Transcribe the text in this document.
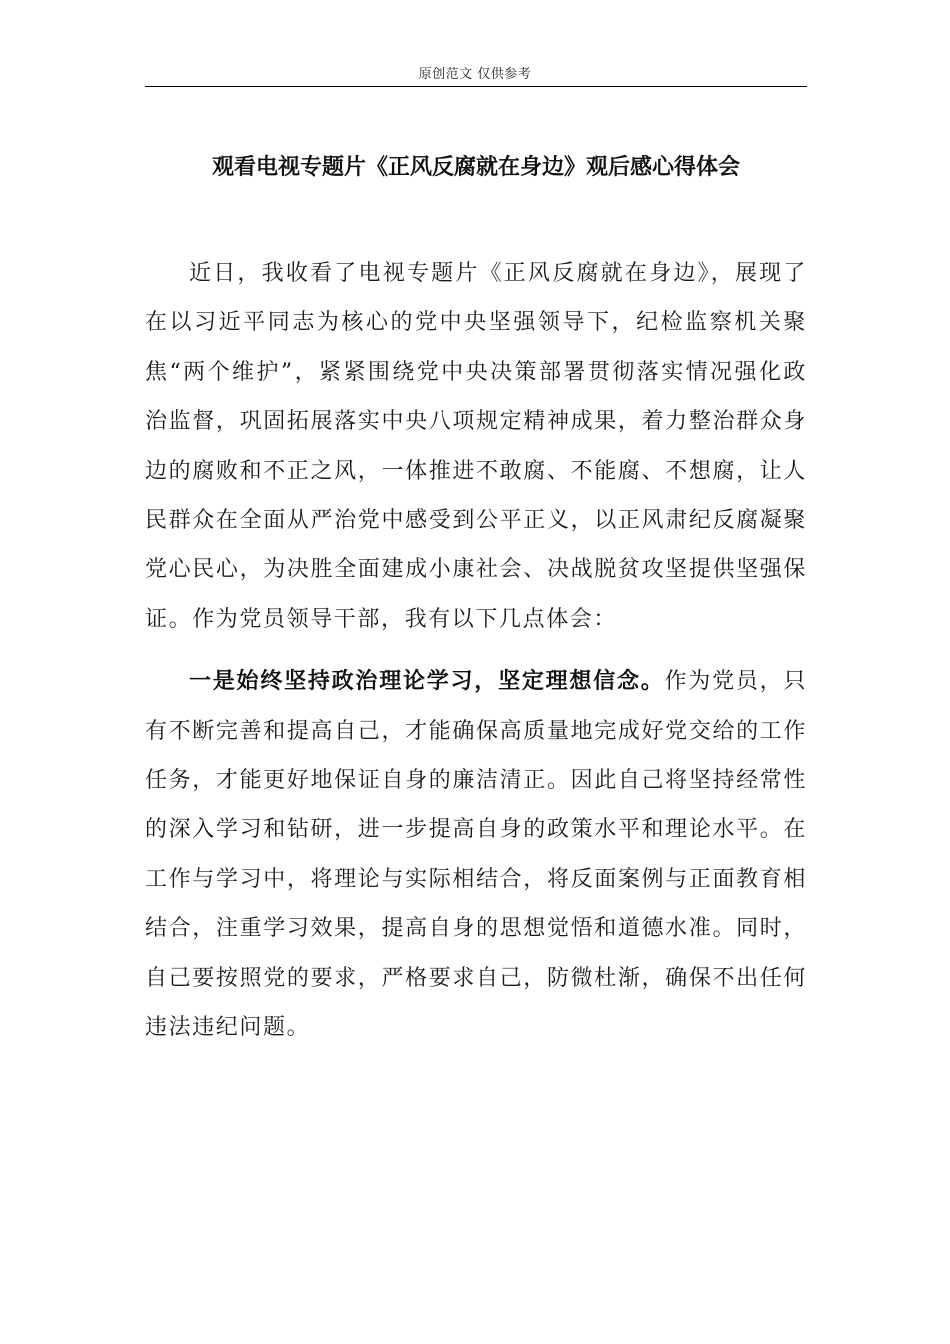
原创范文 仅供参考
观看电视专题片《正风反腐就在身边》观后感心得体会

近日，我收看了电视专题片《正风反腐就在身边》，展现了在以习近平同志为核心的党中央坚强领导下，纪检监察机关聚焦“两个维护”，紧紧围绕党中央决策部署贯彻落实情况强化政治监督，巩固拓展落实中央八项规定精神成果，着力整治群众身边的腐败和不正之风，一体推进不敢腐、不能腐、不想腐，让人民群众在全面从严治党中感受到公平正义，以正风肃纪反腐凝聚党心民心，为决胜全面建成小康社会、决战脱贫攻坚提供坚强保证。作为党员领导干部，我有以下几点体会：

一是始终坚持政治理论学习，坚定理想信念。作为党员，只有不断完善和提高自己，才能确保高质量地完成好党交给的工作任务，才能更好地保证自身的廉洁清正。因此自己将坚持经常性的深入学习和钻研，进一步提高自身的政策水平和理论水平。在工作与学习中，将理论与实际相结合，将反面案例与正面教育相结合，注重学习效果，提高自身的思想觉悟和道德水准。同时，自己要按照党的要求，严格要求自己，防微杜渐，确保不出任何违法违纪问题。
